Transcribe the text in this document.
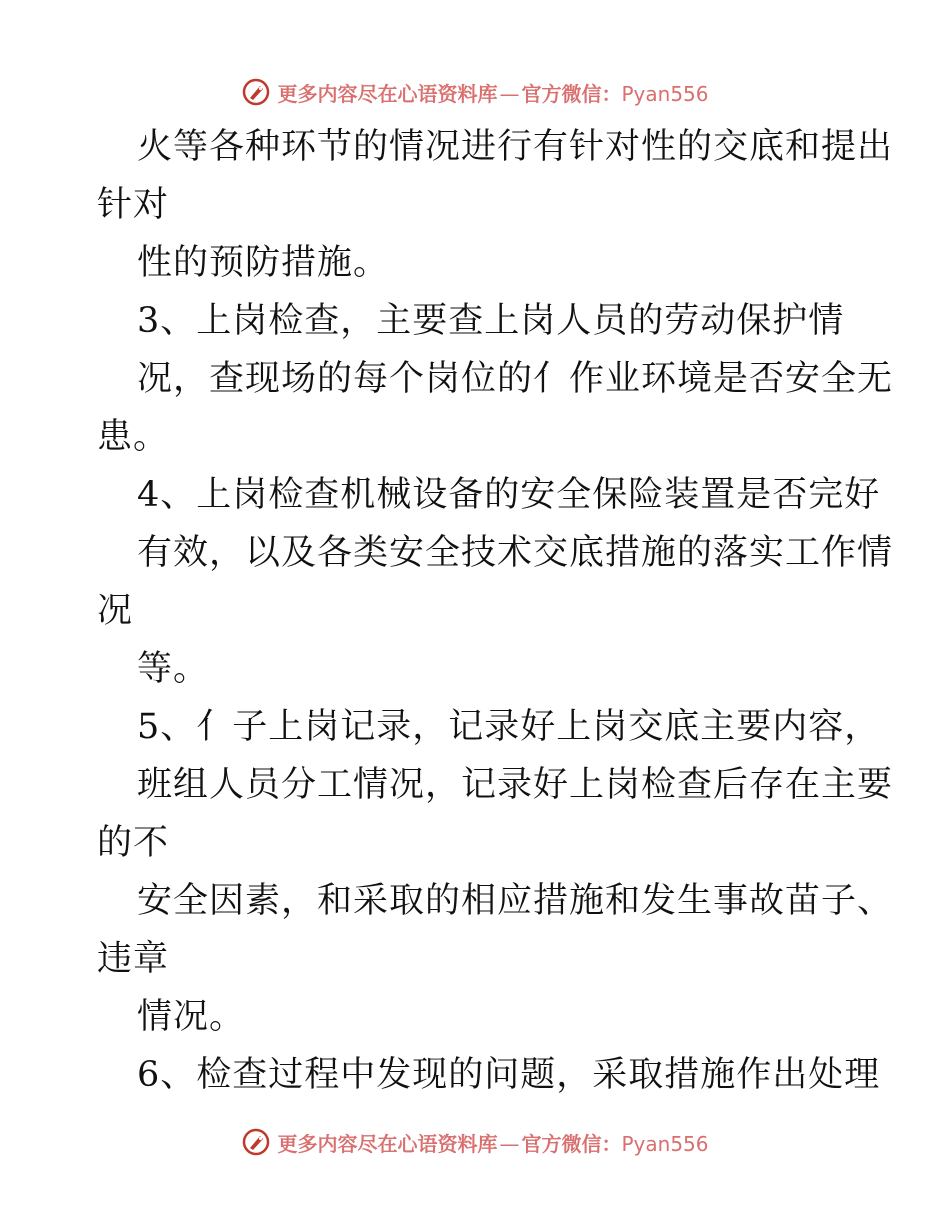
更多内容尽在心语资料库 — 官方微信：Pyan556
火等各种环节的情况进行有针对性的交底和提出
针对
性的预防措施。
3、上岗检查，主要查上岗人员的劳动保护情
况，查现场的每个岗位的亻作业环境是否安全无
患。
4、上岗检查机械设备的安全保险装置是否完好
有效，以及各类安全技术交底措施的落实工作情
况
等。
5、亻子上岗记录，记录好上岗交底主要内容，
班组人员分工情况，记录好上岗检查后存在主要
的不
安全因素，和采取的相应措施和发生事故苗子、
违章
情况。
6、检查过程中发现的问题，采取措施作出处理
更多内容尽在心语资料库 — 官方微信：Pyan556
